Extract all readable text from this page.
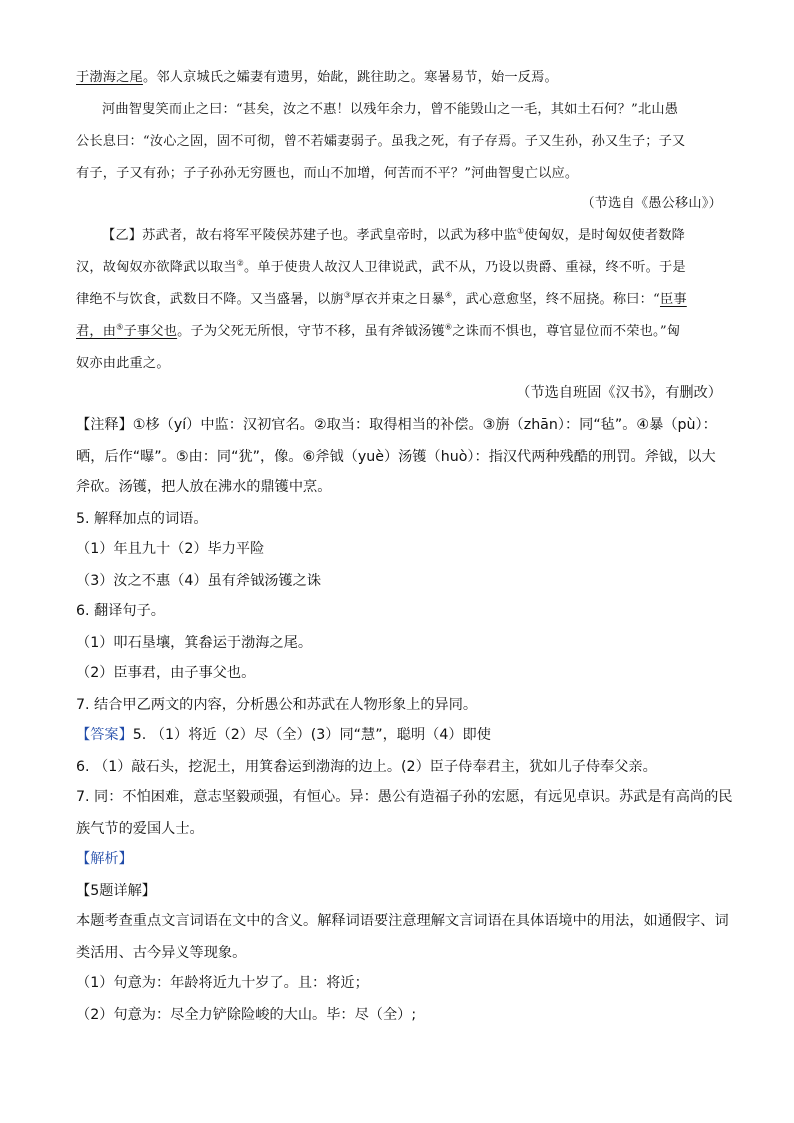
于渤海之尾。邻人京城氏之孀妻有遗男，始龀，跳往助之。寒暑易节，始一反焉。
河曲智叟笑而止之曰：“甚矣，汝之不惠！以残年余力，曾不能毁山之一毛，其如土石何？”北山愚
公长息曰：“汝心之固，固不可彻，曾不若孀妻弱子。虽我之死，有子存焉。子又生孙，孙又生子；子又
有子，子又有孙；子子孙孙无穷匮也，而山不加增，何苦而不平？”河曲智叟亡以应。
（节选自《愚公移山》）
【乙】苏武者，故右将军平陵侯苏建子也。孝武皇帝时，以武为移中监①使匈奴，是时匈奴使者数降
汉，故匈奴亦欲降武以取当②。单于使贵人故汉人卫律说武，武不从，乃设以贵爵、重禄，终不听。于是
律绝不与饮食，武数日不降。又当盛暑，以旃③厚衣并束之日暴④，武心意愈坚，终不屈挠。称曰：“臣事
君，由⑤子事父也。子为父死无所恨，守节不移，虽有斧钺汤镬⑥之诛而不惧也，尊官显位而不荣也。”匈
奴亦由此重之。
（节选自班固《汉书》，有删改）
【注释】①栘（yí）中监：汉初官名。②取当：取得相当的补偿。③旃（zhān）：同“毡”。④暴（pù）：
晒，后作“曝”。⑤由：同“犹”，像。⑥斧钺（yuè）汤镬（huò）：指汉代两种残酷的刑罚。斧钺，以大
斧砍。汤镬，把人放在沸水的鼎镬中烹。
5. 解释加点的词语。
（1）年且九十（2）毕力平险
（3）汝之不惠（4）虽有斧钺汤镬之诛
6. 翻译句子。
（1）叩石垦壤，箕畚运于渤海之尾。
（2）臣事君，由子事父也。
7. 结合甲乙两文的内容，分析愚公和苏武在人物形象上的异同。
【答案】5. （1）将近（2）尽（全）(3）同“慧”，聪明（4）即使
6. （1）敲石头，挖泥土，用箕畚运到渤海的边上。(2）臣子侍奉君主，犹如儿子侍奉父亲。
7. 同：不怕困难，意志坚毅顽强，有恒心。异：愚公有造福子孙的宏愿，有远见卓识。苏武是有高尚的民
族气节的爱国人士。
【解析】
【5题详解】
本题考查重点文言词语在文中的含义。解释词语要注意理解文言词语在具体语境中的用法，如通假字、词
类活用、古今异义等现象。
（1）句意为：年龄将近九十岁了。且：将近；
（2）句意为：尽全力铲除险峻的大山。毕：尽（全）;
